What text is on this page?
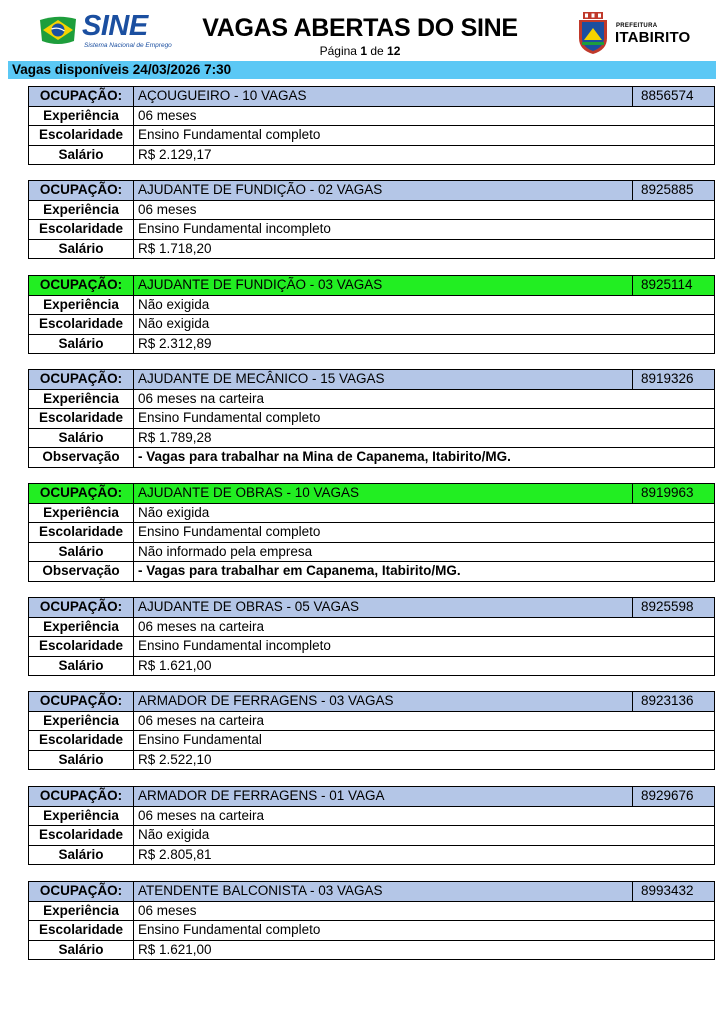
SINE
Sistema Nacional de Emprego
VAGAS ABERTAS DO SINE
Página 1 de 12
PREFEITURA
ITABIRITO
Vagas disponíveis 24/03/2026 7:30
OCUPAÇÃO:	AÇOUGUEIRO - 10 VAGAS	8856574
Experiência	06 meses
Escolaridade	Ensino Fundamental completo
Salário	R$ 2.129,17
OCUPAÇÃO:	AJUDANTE DE FUNDIÇÃO - 02 VAGAS	8925885
Experiência	06 meses
Escolaridade	Ensino Fundamental incompleto
Salário	R$ 1.718,20
OCUPAÇÃO:	AJUDANTE DE FUNDIÇÃO - 03 VAGAS	8925114
Experiência	Não exigida
Escolaridade	Não exigida
Salário	R$ 2.312,89
OCUPAÇÃO:	AJUDANTE DE MECÂNICO - 15 VAGAS	8919326
Experiência	06 meses na carteira
Escolaridade	Ensino Fundamental completo
Salário	R$ 1.789,28
Observação	- Vagas para trabalhar na Mina de Capanema, Itabirito/MG.
OCUPAÇÃO:	AJUDANTE DE OBRAS - 10 VAGAS	8919963
Experiência	Não exigida
Escolaridade	Ensino Fundamental completo
Salário	Não informado pela empresa
Observação	- Vagas para trabalhar em Capanema, Itabirito/MG.
OCUPAÇÃO:	AJUDANTE DE OBRAS - 05 VAGAS	8925598
Experiência	06 meses na carteira
Escolaridade	Ensino Fundamental incompleto
Salário	R$ 1.621,00
OCUPAÇÃO:	ARMADOR DE FERRAGENS - 03 VAGAS	8923136
Experiência	06 meses na carteira
Escolaridade	Ensino Fundamental
Salário	R$ 2.522,10
OCUPAÇÃO:	ARMADOR DE FERRAGENS - 01 VAGA	8929676
Experiência	06 meses na carteira
Escolaridade	Não exigida
Salário	R$ 2.805,81
OCUPAÇÃO:	ATENDENTE BALCONISTA - 03 VAGAS	8993432
Experiência	06 meses
Escolaridade	Ensino Fundamental completo
Salário	R$ 1.621,00
